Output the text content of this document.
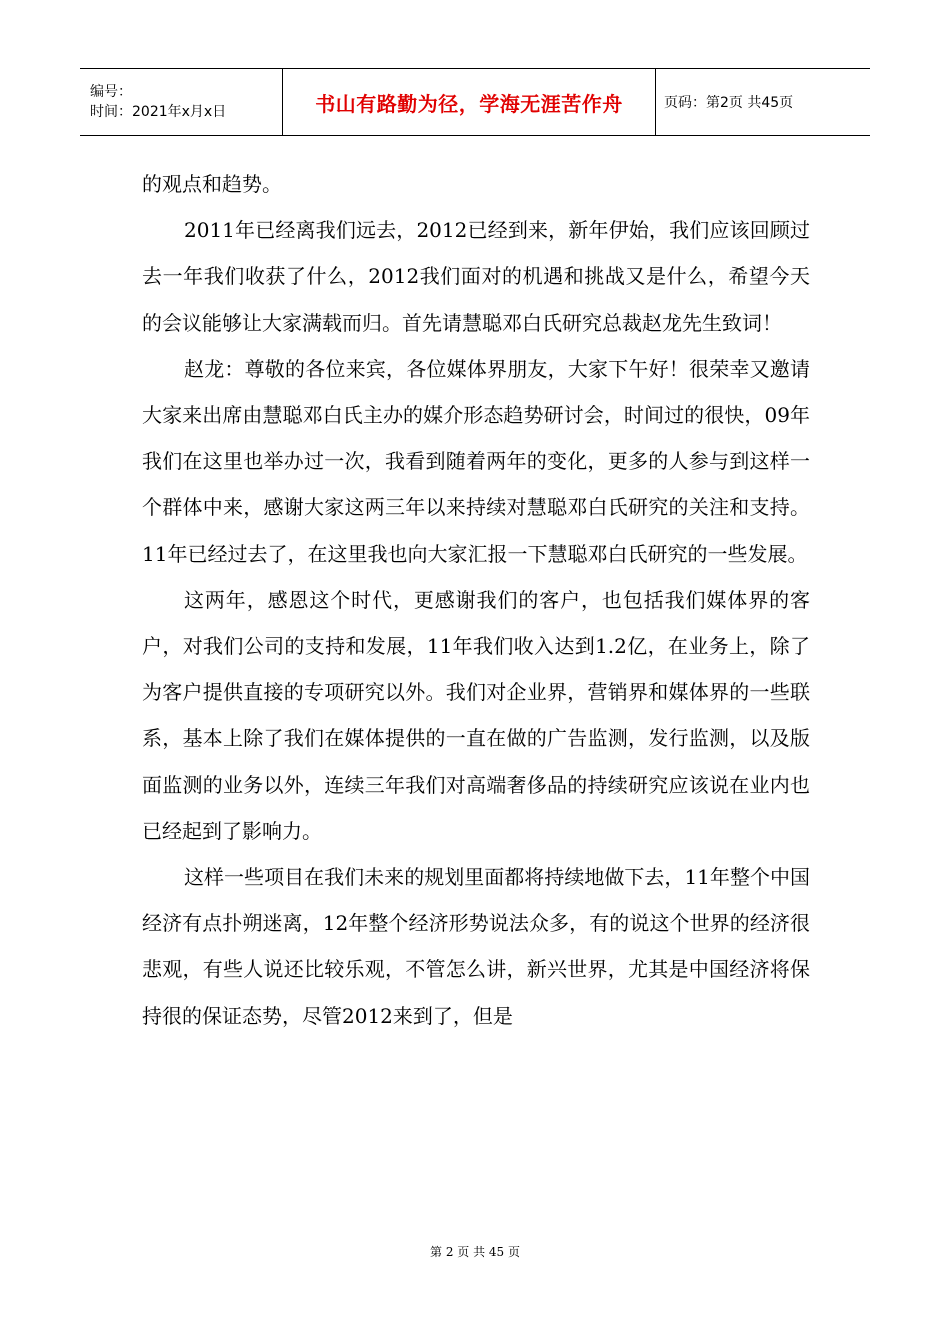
编号：
时间：2021年x月x日	书山有路勤为径，学海无涯苦作舟	页码：第2页 共45页

的观点和趋势。

2011年已经离我们远去，2012已经到来，新年伊始，我们应该回顾过去一年我们收获了什么，2012我们面对的机遇和挑战又是什么，希望今天的会议能够让大家满载而归。首先请慧聪邓白氏研究总裁赵龙先生致词！

赵龙：尊敬的各位来宾，各位媒体界朋友，大家下午好！很荣幸又邀请大家来出席由慧聪邓白氏主办的媒介形态趋势研讨会，时间过的很快，09年我们在这里也举办过一次，我看到随着两年的变化，更多的人参与到这样一个群体中来，感谢大家这两三年以来持续对慧聪邓白氏研究的关注和支持。11年已经过去了，在这里我也向大家汇报一下慧聪邓白氏研究的一些发展。

这两年，感恩这个时代，更感谢我们的客户，也包括我们媒体界的客户，对我们公司的支持和发展，11年我们收入达到1.2亿，在业务上，除了为客户提供直接的专项研究以外。我们对企业界，营销界和媒体界的一些联系，基本上除了我们在媒体提供的一直在做的广告监测，发行监测，以及版面监测的业务以外，连续三年我们对高端奢侈品的持续研究应该说在业内也已经起到了影响力。

这样一些项目在我们未来的规划里面都将持续地做下去，11年整个中国经济有点扑朔迷离，12年整个经济形势说法众多，有的说这个世界的经济很悲观，有些人说还比较乐观，不管怎么讲，新兴世界，尤其是中国经济将保持很的保证态势，尽管2012来到了，但是

第 2 页 共 45 页
